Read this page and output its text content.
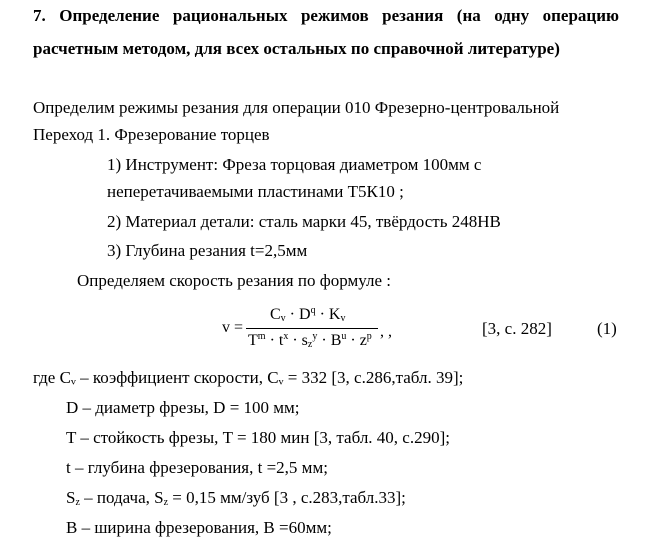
7. Определение рациональных режимов резания (на одну операцию
расчетным методом, для всех остальных по справочной литературе)
Определим режимы резания для операции 010 Фрезерно-центровальной
Переход 1. Фрезерование торцев
1) Инструмент: Фреза торцовая диаметром 100мм с
неперетачиваемыми пластинами Т5К10 ;
2) Материал детали: сталь марки 45, твёрдость 248НВ
3) Глубина резания t=2,5мм
Определяем скорость резания по формуле :
v =
$C_v \cdot D^q \cdot K_v$
$T^m \cdot t^x \cdot s_z^y \cdot B^u \cdot z^p$ , ,	[3, с. 282]	(1)
где Cᵥ – коэффициент скорости, Cᵥ = 332 [3, с.286,табл. 39];
D – диаметр фрезы, D = 100 мм;
T – стойкость фрезы, T = 180 мин [3, табл. 40, с.290];
t – глубина фрезерования, t =2,5 мм;
$S_z$ – подача, $S_z = 0,15$ мм/зуб [3 , с.283,табл.33];
B – ширина фрезерования, B =60мм;
